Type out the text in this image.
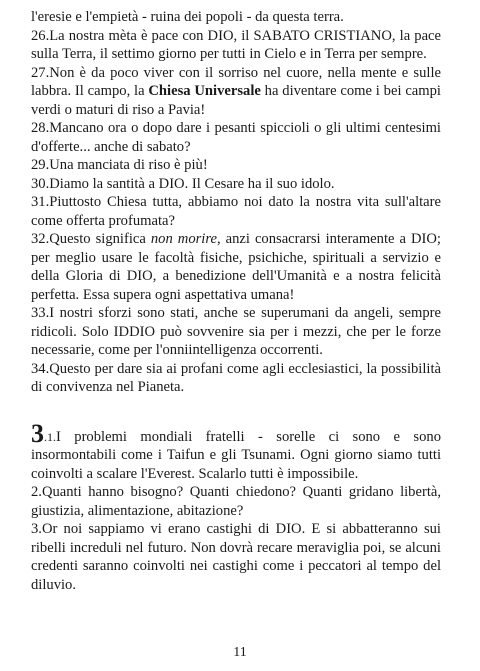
l'eresie e l'empietà - ruina dei popoli - da questa terra.

26.La nostra mèta è pace con DIO, il SABATO CRISTIANO, la pace sulla Terra, il settimo giorno per tutti in Cielo e in Terra per sempre.

27.Non è da poco viver con il sorriso nel cuore, nella mente e sulle labbra. Il campo, la Chiesa Universale ha diventare come i bei campi verdi o maturi di riso a Pavia!

28.Mancano ora o dopo dare i pesanti spiccioli o gli ultimi centesimi d'offerte... anche di sabato?

29.Una manciata di riso è più!

30.Diamo la santità a DIO. Il Cesare ha il suo idolo.

31.Piuttosto Chiesa tutta, abbiamo noi dato la nostra vita sull'altare come offerta profumata?

32.Questo significa non morire, anzi consacrarsi interamente a DIO; per meglio usare le facoltà fisiche, psichiche, spirituali a servizio e della Gloria di DIO, a benedizione dell'Umanità e a nostra felicità perfetta. Essa supera ogni aspettativa umana!

33.I nostri sforzi sono stati, anche se superumani da angeli, sempre ridicoli. Solo IDDIO può sovvenire sia per i mezzi, che per le forze necessarie, come per l'onniintelligenza occorrenti.

34.Questo per dare sia ai profani come agli ecclesiastici, la possibilità di convivenza nel Pianeta.

3.1.I problemi mondiali fratelli - sorelle ci sono e sono insormontabili come i Taifun e gli Tsunami. Ogni giorno siamo tutti coinvolti a scalare l'Everest. Scalarlo tutti è impossibile.

2.Quanti hanno bisogno? Quanti chiedono? Quanti gridano libertà, giustizia, alimentazione, abitazione?

3.Or noi sappiamo vi erano castighi di DIO. E si abbatteranno sui ribelli increduli nel futuro. Non dovrà recare meraviglia poi, se alcuni credenti saranno coinvolti nei castighi come i peccatori al tempo del diluvio.

11
